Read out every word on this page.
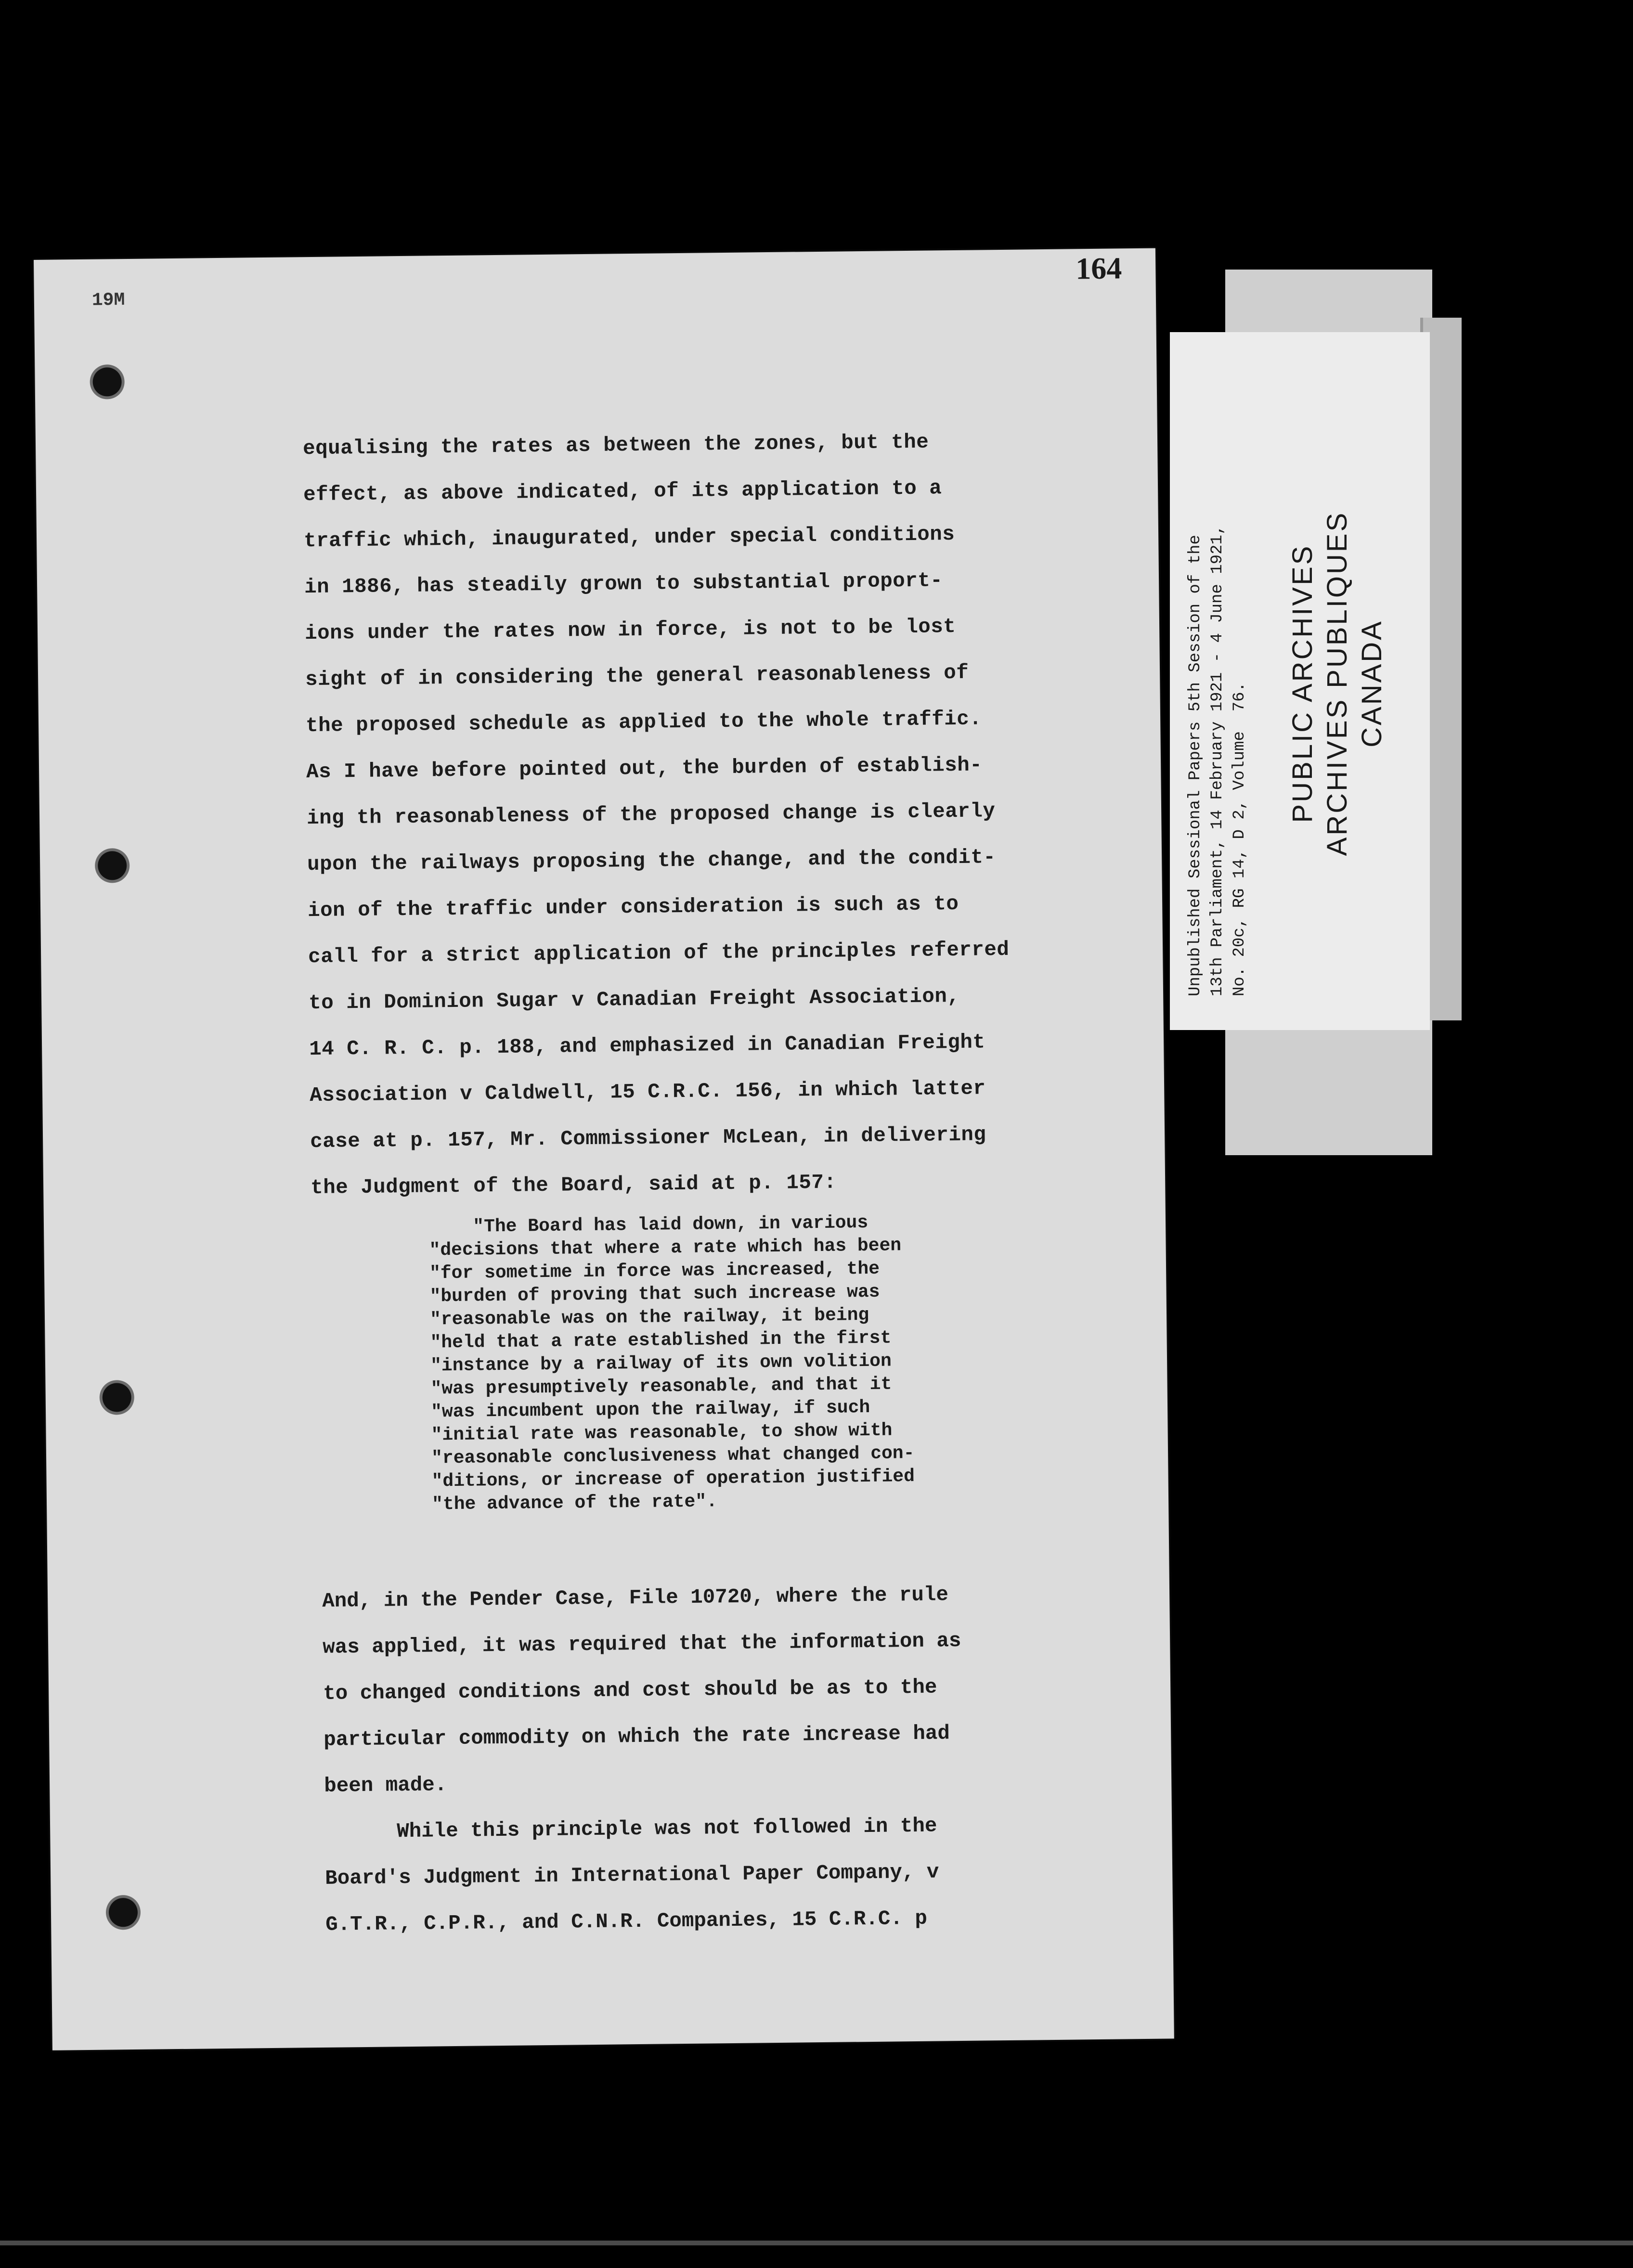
19M
164
equalising the rates as between the zones, but the
effect, as above indicated, of its application to a
traffic which, inaugurated, under special conditions
in 1886, has steadily grown to substantial proport-
ions under the rates now in force, is not to be lost
sight of in considering the general reasonableness of
the proposed schedule as applied to the whole traffic.
As I have before pointed out, the burden of establish-
ing th reasonableness of the proposed change is clearly
upon the railways proposing the change, and the condit-
ion of the traffic under consideration is such as to
call for a strict application of the principles referred
to in Dominion Sugar v Canadian Freight Association,
14 C. R. C. p. 188, and emphasized in Canadian Freight
Association v Caldwell, 15 C.R.C. 156, in which latter
case at p. 157, Mr. Commissioner McLean, in delivering
the Judgment of the Board, said at p. 157:
"The Board has laid down, in various
"decisions that where a rate which has been
"for sometime in force was increased, the
"burden of proving that such increase was
"reasonable was on the railway, it being
"held that a rate established in the first
"instance by a railway of its own volition
"was presumptively reasonable, and that it
"was incumbent upon the railway, if such
"initial rate was reasonable, to show with
"reasonable conclusiveness what changed con-
"ditions, or increase of operation justified
"the advance of the rate".
And, in the Pender Case, File 10720, where the rule
was applied, it was required that the information as
to changed conditions and cost should be as to the
particular commodity on which the rate increase had
been made.
While this principle was not followed in the
Board's Judgment in International Paper Company, v
G.T.R., C.P.R., and C.N.R. Companies, 15 C.R.C. p
Unpublished Sessional Papers 5th Session of the 13th Parliament, 14 February 1921 - 4 June 1921, No. 20c, RG 14, D 2, Volume  76. PUBLIC ARCHIVES ARCHIVES PUBLIQUES CANADA
